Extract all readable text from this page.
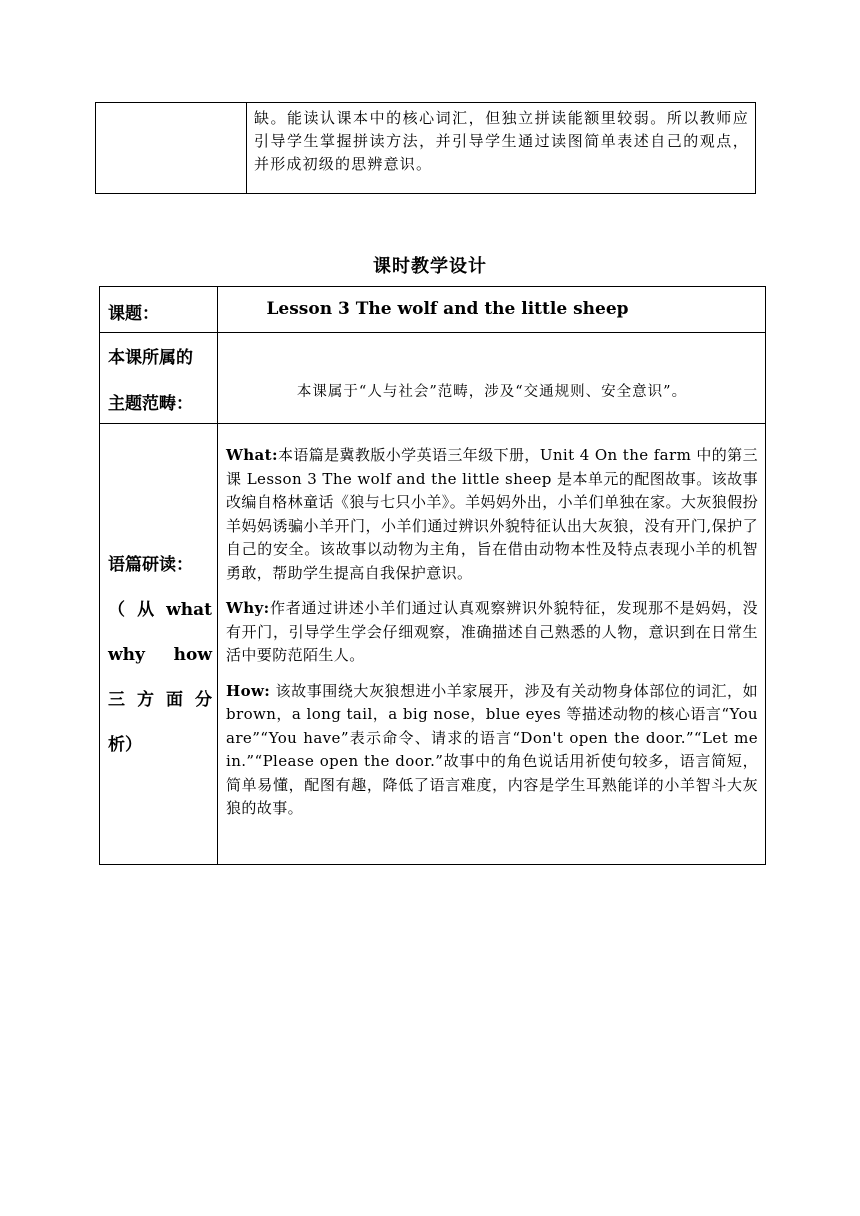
缺。能读认课本中的核心词汇，但独立拼读能额里较弱。所以教师应引导学生掌握拼读方法，并引导学生通过读图简单表述自己的观点，并形成初级的思辨意识。
课时教学设计
课题：	Lesson 3 The wolf and the little sheep
本课所属的
主题范畴：
本课属于“人与社会”范畴，涉及“交通规则、安全意识”。
语篇研读：
（ 从 what
why how
三 方 面 分
析）

What:本语篇是冀教版小学英语三年级下册，Unit 4 On the farm 中的第三课 Lesson 3 The wolf and the little sheep 是本单元的配图故事。该故事改编自格林童话《狼与七只小羊》。羊妈妈外出，小羊们单独在家。大灰狼假扮羊妈妈诱骗小羊开门，小羊们通过辨识外貌特征认出大灰狼，没有开门,保护了自己的安全。该故事以动物为主角，旨在借由动物本性及特点表现小羊的机智勇敢，帮助学生提高自我保护意识。

Why:作者通过讲述小羊们通过认真观察辨识外貌特征，发现那不是妈妈，没有开门，引导学生学会仔细观察，准确描述自己熟悉的人物，意识到在日常生活中要防范陌生人。

How: 该故事围绕大灰狼想进小羊家展开，涉及有关动物身体部位的词汇，如 brown，a long tail，a big nose，blue eyes 等描述动物的核心语言“You are”“You have”表示命令、请求的语言“Don't open the door.”“Let me in.”“Please open the door.”故事中的角色说话用祈使句较多，语言简短，简单易懂，配图有趣，降低了语言难度，内容是学生耳熟能详的小羊智斗大灰狼的故事。
